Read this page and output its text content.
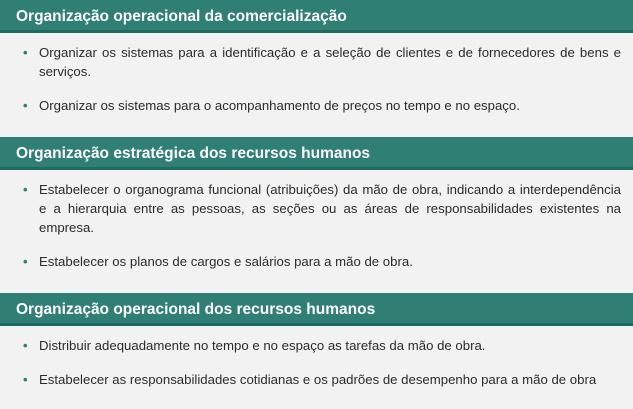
Organização operacional da comercialização
• Organizar os sistemas para a identificação e a seleção de clientes e de fornecedores de bens e serviços.
• Organizar os sistemas para o acompanhamento de preços no tempo e no espaço.
Organização estratégica dos recursos humanos
• Estabelecer o organograma funcional (atribuições) da mão de obra, indicando a interdependência e a hierarquia entre as pessoas, as seções ou as áreas de responsabilidades existentes na empresa.
• Estabelecer os planos de cargos e salários para a mão de obra.
Organização operacional dos recursos humanos
• Distribuir adequadamente no tempo e no espaço as tarefas da mão de obra.
• Estabelecer as responsabilidades cotidianas e os padrões de desempenho para a mão de obra
